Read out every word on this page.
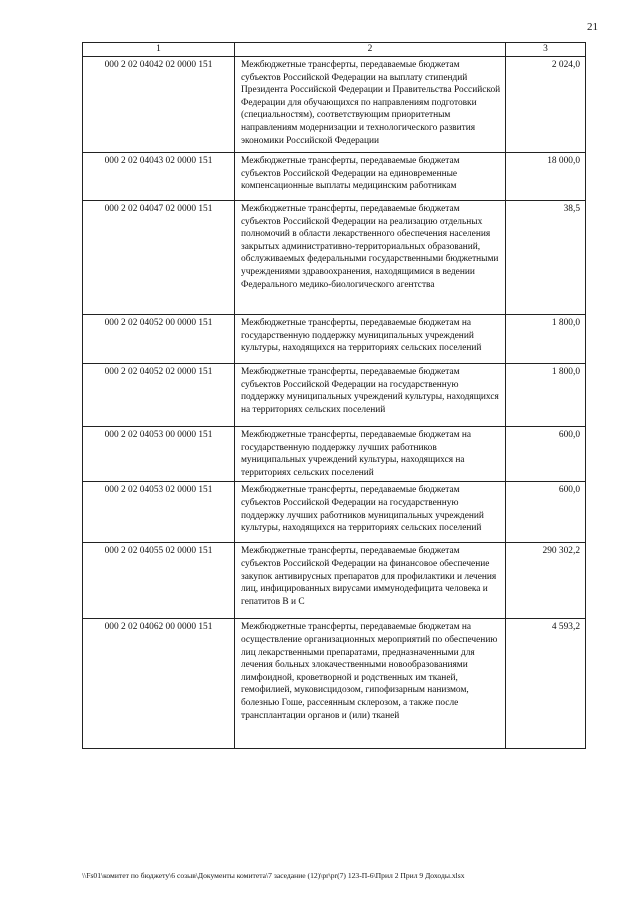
21
1	2	3
000 2 02 04042 02 0000 151	Межбюджетные трансферты, передаваемые бюджетам субъектов Российской Федерации на выплату стипендий Президента Российской Федерации и Правительства Российской Федерации для обучающихся по направлениям подготовки (специальностям), соответствующим приоритетным направлениям модернизации и технологического развития экономики Российской Федерации	2 024,0
000 2 02 04043 02 0000 151	Межбюджетные трансферты, передаваемые бюджетам субъектов Российской Федерации на единовременные компенсационные выплаты медицинским работникам	18 000,0
000 2 02 04047 02 0000 151	Межбюджетные трансферты, передаваемые бюджетам субъектов Российской Федерации на реализацию отдельных полномочий в области лекарственного обеспечения населения закрытых административно-территориальных образований, обслуживаемых федеральными государственными бюджетными учреждениями здравоохранения, находящимися в ведении Федерального медико-биологического агентства	38,5
000 2 02 04052 00 0000 151	Межбюджетные трансферты, передаваемые бюджетам на государственную поддержку муниципальных учреждений культуры, находящихся на территориях сельских поселений	1 800,0
000 2 02 04052 02 0000 151	Межбюджетные трансферты, передаваемые бюджетам субъектов Российской Федерации на государственную поддержку муниципальных учреждений культуры, находящихся на территориях сельских поселений	1 800,0
000 2 02 04053 00 0000 151	Межбюджетные трансферты, передаваемые бюджетам на государственную поддержку лучших работников муниципальных учреждений культуры, находящихся на территориях сельских поселений	600,0
000 2 02 04053 02 0000 151	Межбюджетные трансферты, передаваемые бюджетам субъектов Российской Федерации на государственную поддержку лучших работников муниципальных учреждений культуры, находящихся на территориях сельских поселений	600,0
000 2 02 04055 02 0000 151	Межбюджетные трансферты, передаваемые бюджетам субъектов Российской Федерации на финансовое обеспечение закупок антивирусных препаратов для профилактики и лечения лиц, инфицированных вирусами иммунодефицита человека и гепатитов В и С	290 302,2
000 2 02 04062 00 0000 151	Межбюджетные трансферты, передаваемые бюджетам на осуществление организационных мероприятий по обеспечению лиц лекарственными препаратами, предназначенными для лечения больных злокачественными новообразованиями лимфоидной, кроветворной и родственных им тканей, гемофилией, муковисцидозом, гипофизарным нанизмом, болезнью Гоше, рассеянным склерозом, а также после трансплантации органов и (или) тканей	4 593,2
\\Fs01\комитет по бюджету\6 созыв\Документы комитета\7 заседание (12)\pr\pr(7) 123-П-6\Прил 2 Прил 9 Доходы.xlsx
